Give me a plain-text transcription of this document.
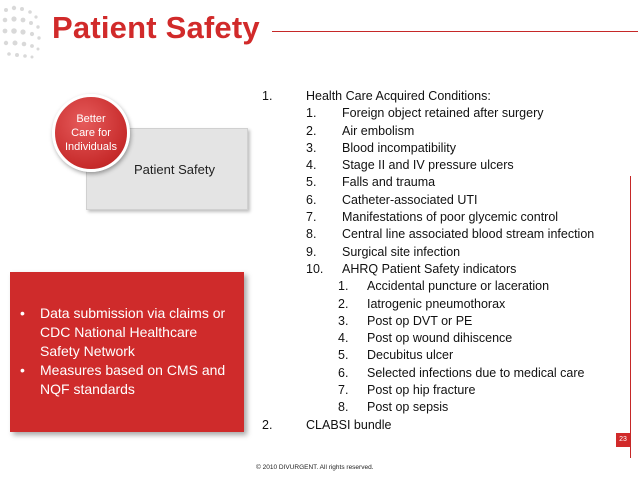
Patient Safety
Patient Safety
Better
Care for
Individuals
• Data submission via claims or
CDC National Healthcare
Safety Network
• Measures based on CMS and
NQF standards
1.	Health Care Acquired Conditions:
1. Foreign object retained after surgery
2. Air embolism
3. Blood incompatibility
4. Stage II and IV pressure ulcers
5. Falls and trauma
6. Catheter-associated UTI
7. Manifestations of poor glycemic control
8. Central line associated blood stream infection
9. Surgical site infection
10. AHRQ Patient Safety indicators
1. Accidental puncture or laceration
2. Iatrogenic pneumothorax
3. Post op DVT or PE
4. Post op wound dihiscence
5. Decubitus ulcer
6. Selected infections due to medical care
7. Post op hip fracture
8. Post op sepsis
2.	CLABSI bundle
© 2010 DIVURGENT. All rights reserved.
23
